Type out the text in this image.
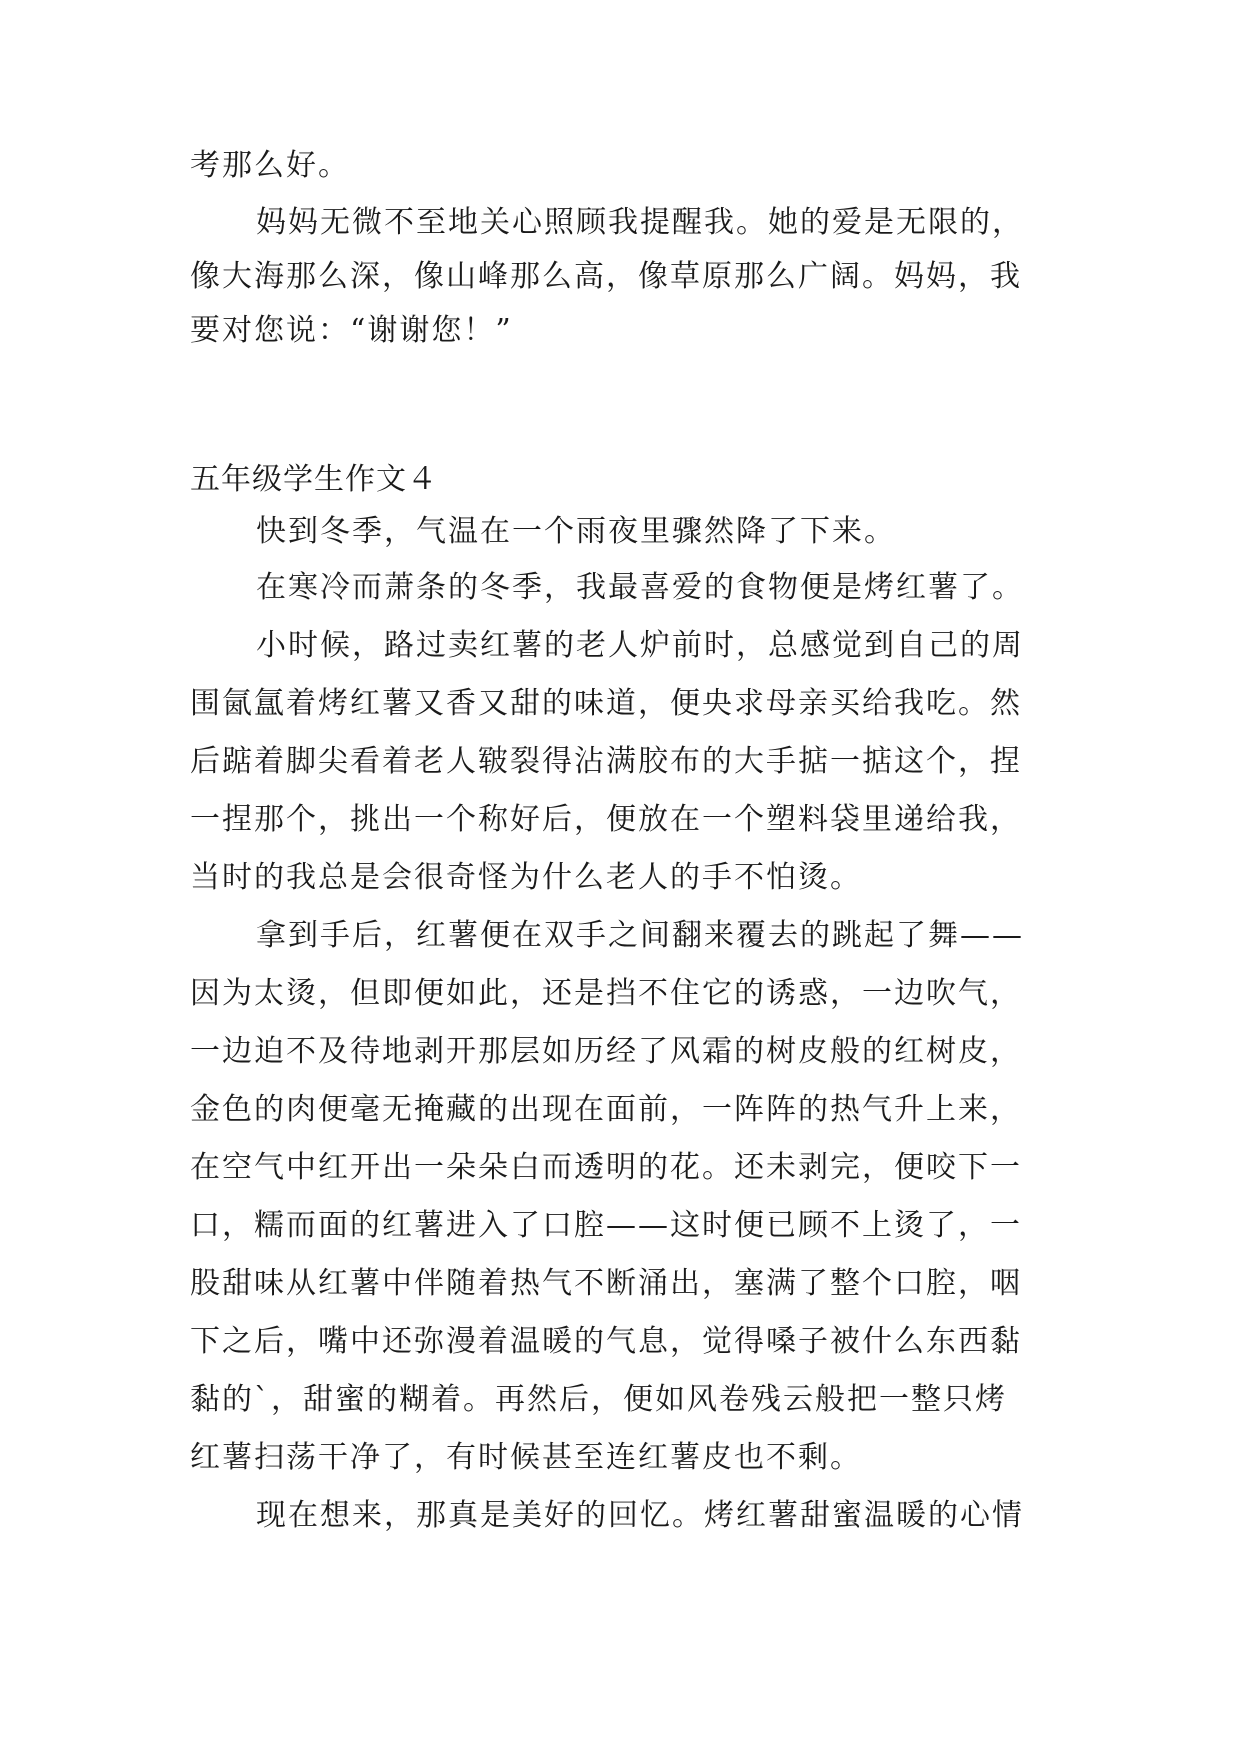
考那么好。
妈妈无微不至地关心照顾我提醒我。她的爱是无限的，
像大海那么深，像山峰那么高，像草原那么广阔。妈妈，我
要对您说：“谢谢您！”
五年级学生作文４
快到冬季，气温在一个雨夜里骤然降了下来。
在寒冷而萧条的冬季，我最喜爱的食物便是烤红薯了。
小时候，路过卖红薯的老人炉前时，总感觉到自己的周
围氤氲着烤红薯又香又甜的味道，便央求母亲买给我吃。然
后踮着脚尖看着老人皲裂得沾满胶布的大手掂一掂这个，捏
一捏那个，挑出一个称好后，便放在一个塑料袋里递给我，
当时的我总是会很奇怪为什么老人的手不怕烫。
拿到手后，红薯便在双手之间翻来覆去的跳起了舞——
因为太烫，但即便如此，还是挡不住它的诱惑，一边吹气，
一边迫不及待地剥开那层如历经了风霜的树皮般的红树皮，
金色的肉便毫无掩藏的出现在面前，一阵阵的热气升上来，
在空气中红开出一朵朵白而透明的花。还未剥完，便咬下一
口，糯而面的红薯进入了口腔——这时便已顾不上烫了，一
股甜味从红薯中伴随着热气不断涌出，塞满了整个口腔，咽
下之后，嘴中还弥漫着温暖的气息，觉得嗓子被什么东西黏
黏的`，甜蜜的糊着。再然后，便如风卷残云般把一整只烤
红薯扫荡干净了，有时候甚至连红薯皮也不剩。
现在想来，那真是美好的回忆。烤红薯甜蜜温暖的心情
